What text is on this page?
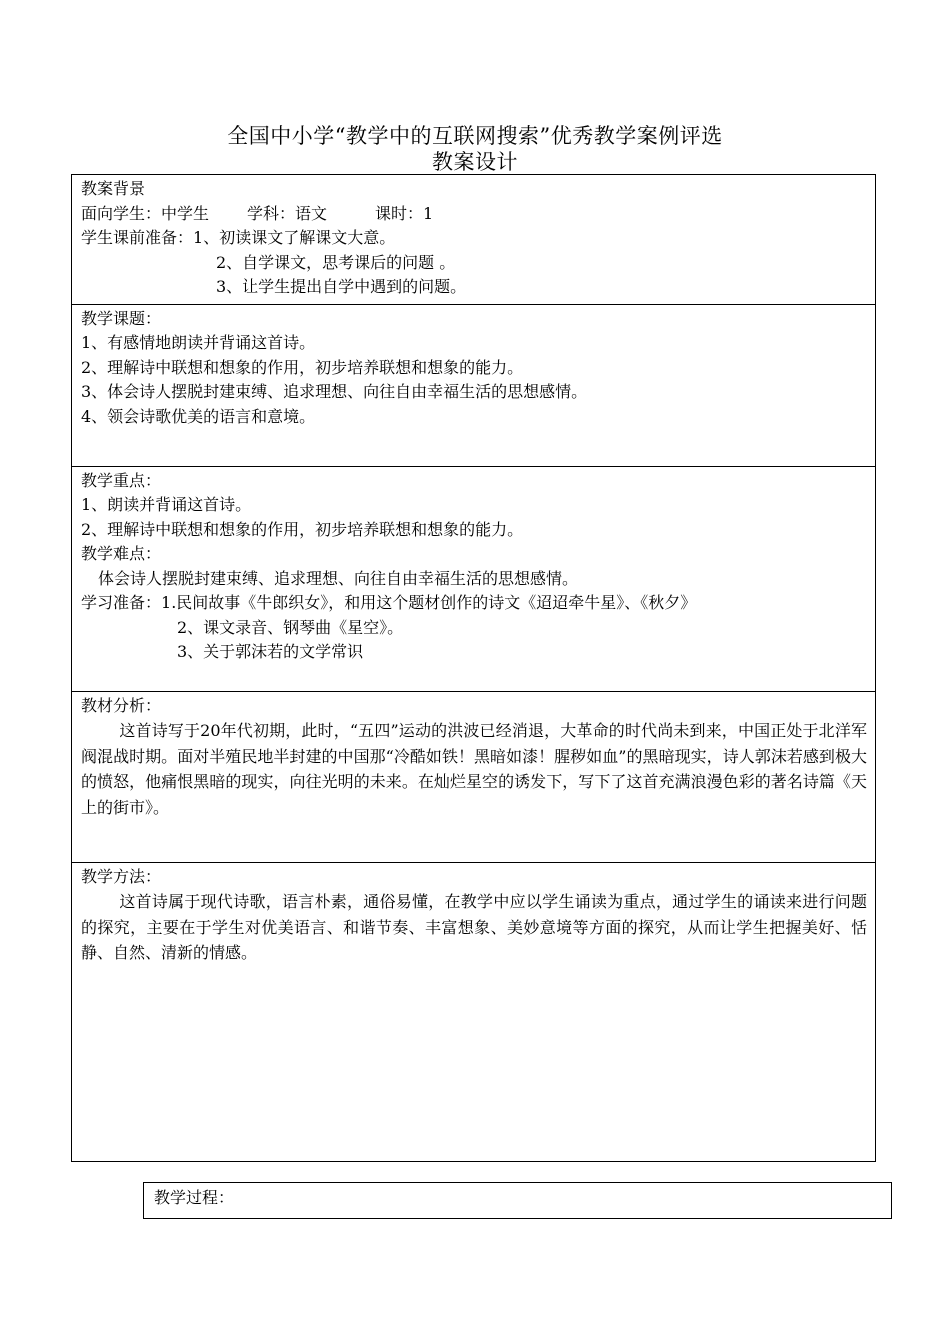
全国中小学“教学中的互联网搜索”优秀教学案例评选
教案设计
教案背景
面向学生：中学生 学科：语文	课时：1
学生课前准备：1、初读课文了解课文大意。
2、自学课文，思考课后的问题 。
3、让学生提出自学中遇到的问题。

教学课题：
1、有感情地朗读并背诵这首诗。
2、理解诗中联想和想象的作用，初步培养联想和想象的能力。
3、体会诗人摆脱封建束缚、追求理想、向往自由幸福生活的思想感情。
4、领会诗歌优美的语言和意境。

教学重点：
1、朗读并背诵这首诗。
2、理解诗中联想和想象的作用，初步培养联想和想象的能力。
教学难点：
体会诗人摆脱封建束缚、追求理想、向往自由幸福生活的思想感情。
学习准备：1.民间故事《牛郎织女》，和用这个题材创作的诗文《迢迢牵牛星》、《秋夕》
2、课文录音、钢琴曲《星空》。
3、关于郭沫若的文学常识

教材分析：
这首诗写于20年代初期，此时，“五四”运动的洪波已经消退，大革命的时代尚未到来，中国正处于北洋军阀混战时期。面对半殖民地半封建的中国那“冷酷如铁！黑暗如漆！腥秽如血”的黑暗现实，诗人郭沫若感到极大的愤怒，他痛恨黑暗的现实，向往光明的未来。在灿烂星空的诱发下，写下了这首充满浪漫色彩的著名诗篇《天上的街市》。

教学方法：
这首诗属于现代诗歌，语言朴素，通俗易懂，在教学中应以学生诵读为重点，通过学生的诵读来进行问题的探究，主要在于学生对优美语言、和谐节奏、丰富想象、美妙意境等方面的探究，从而让学生把握美好、恬静、自然、清新的情感。
教学过程：
